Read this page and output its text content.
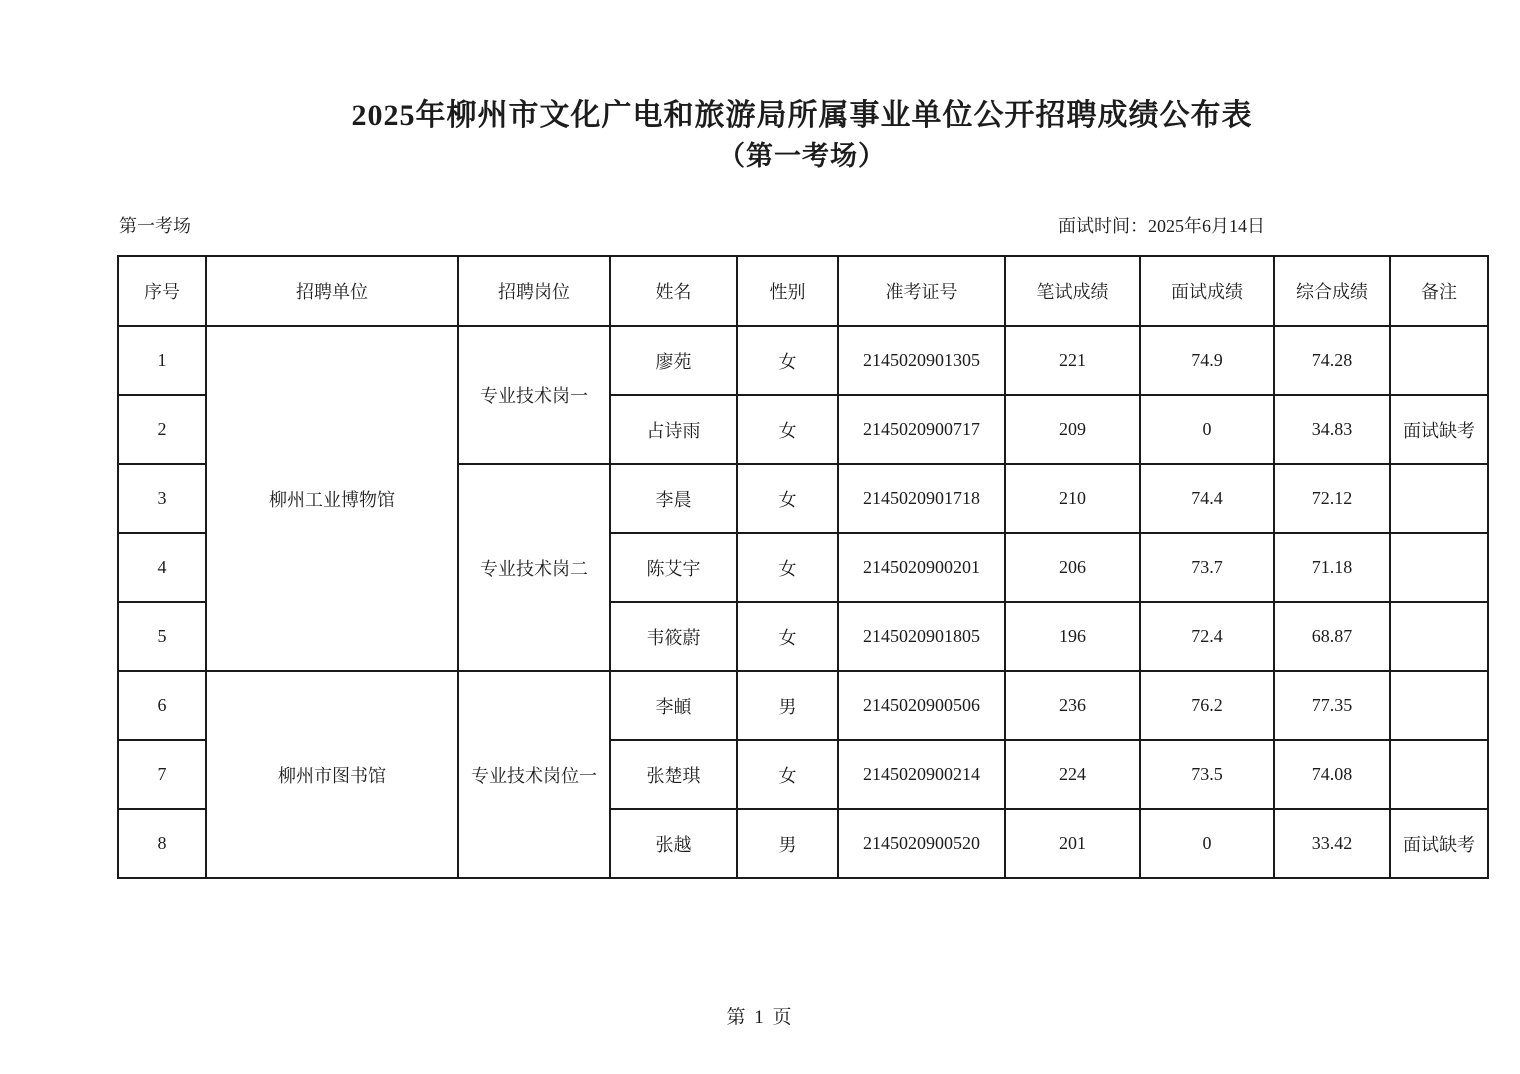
2025年柳州市文化广电和旅游局所属事业单位公开招聘成绩公布表
（第一考场）
第一考场	面试时间：2025年6月14日
序号	招聘单位	招聘岗位	姓名	性别	准考证号	笔试成绩	面试成绩	综合成绩	备注
1	柳州工业博物馆	专业技术岗一	廖苑	女	2145020901305	221	74.9	74.28	
2			占诗雨	女	2145020900717	209	0	34.83	面试缺考
3		专业技术岗二	李晨	女	2145020901718	210	74.4	72.12	
4			陈艾宇	女	2145020900201	206	73.7	71.18	
5			韦筱蔚	女	2145020901805	196	72.4	68.87	
6	柳州市图书馆	专业技术岗位一	李頔	男	2145020900506	236	76.2	77.35	
7			张楚琪	女	2145020900214	224	73.5	74.08	
8			张越	男	2145020900520	201	0	33.42	面试缺考
第 1 页
